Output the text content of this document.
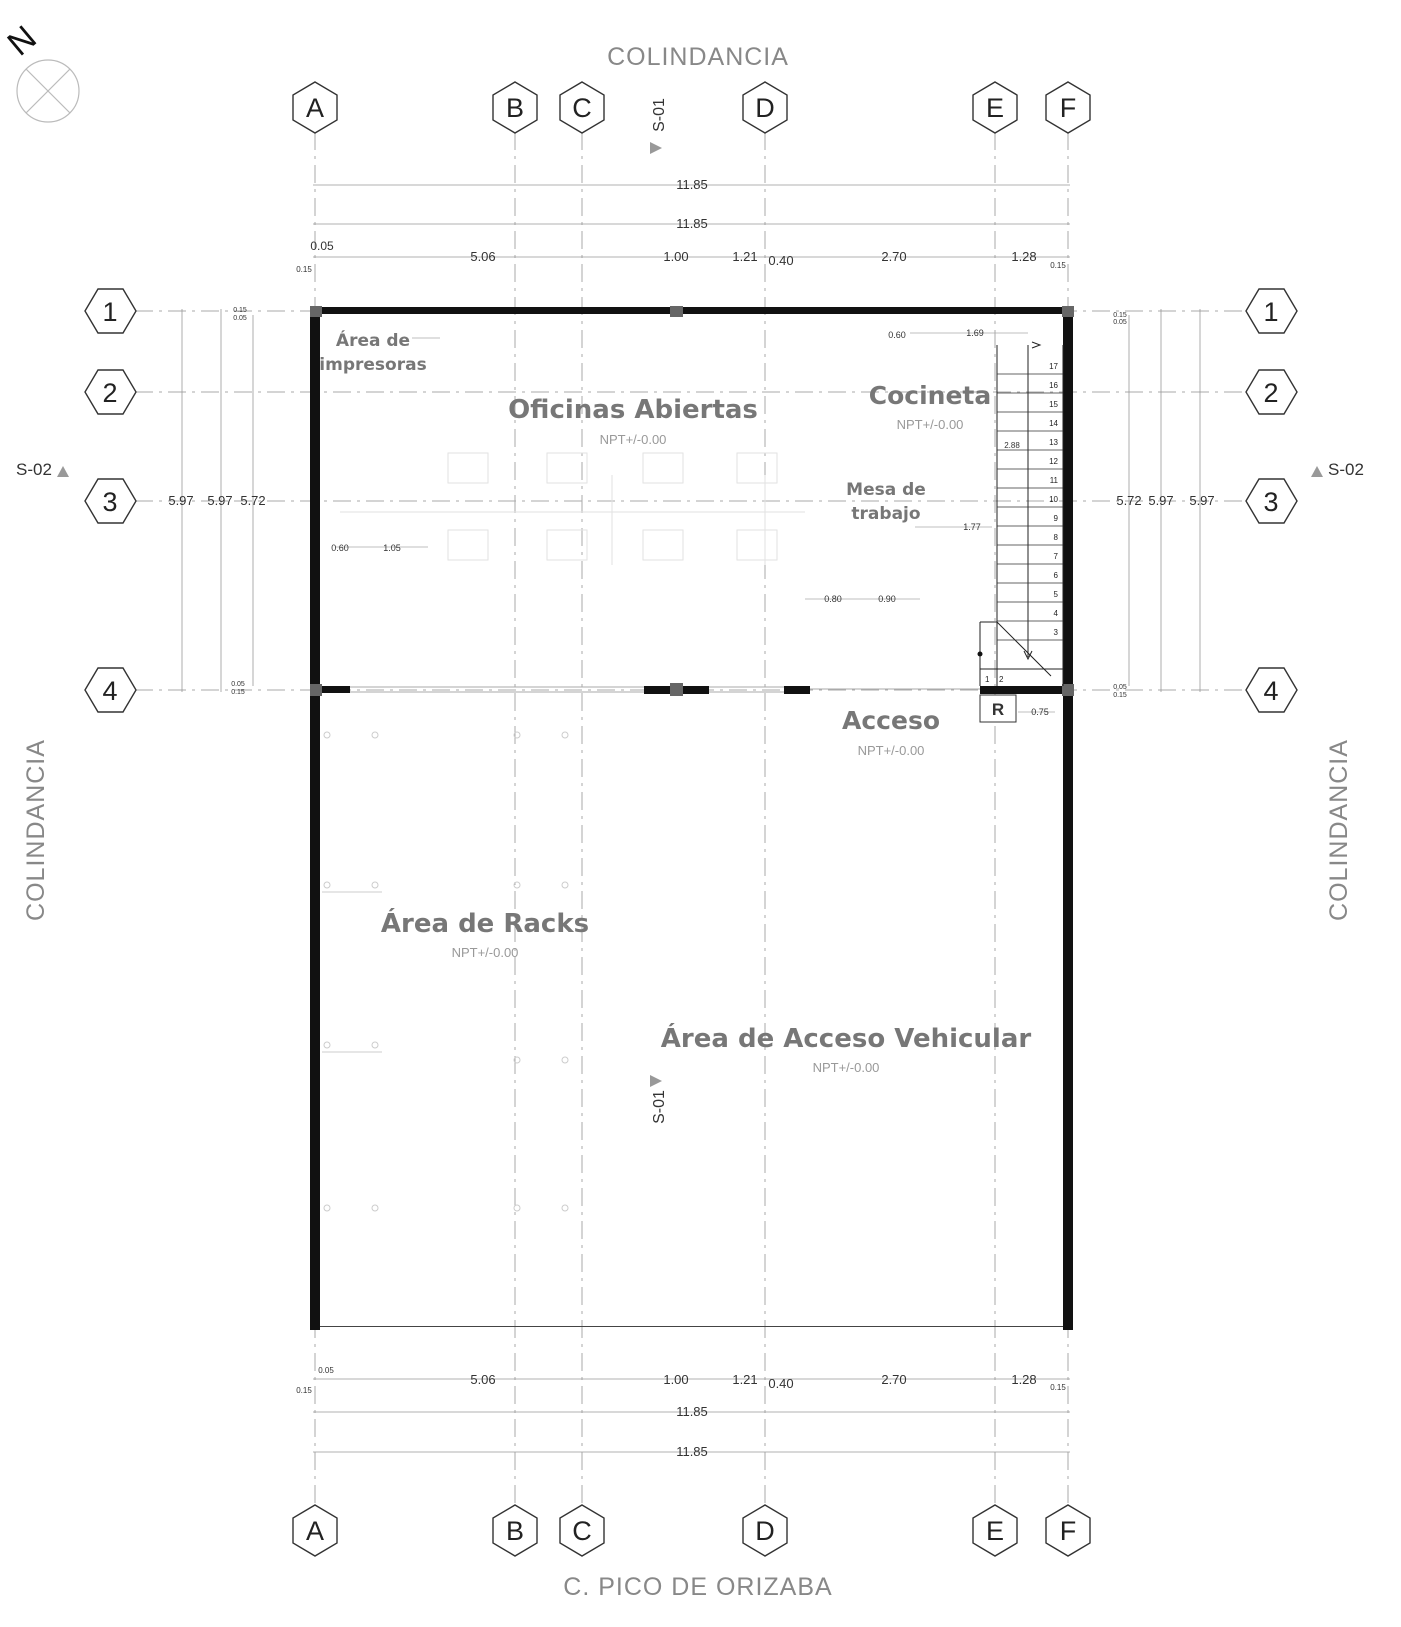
N	COLINDANCIA
C. PICO DE ORIZABA
COLINDANCIA	COLINDANCIA
A	B C	D	E F
A	B C	D	E F
1
2
3
4
1
2
3
4
S-01
S-01
S-02	S-02
11.85
11.85
0.05
0.15
5.06	1.00	1.21 0.40	2.70	1.28
0.15
0.05
0.15
5.06	1.00	1.21 0.40	2.70	1.28
0.15
11.85
11.85
5.97 5.97 5.72
0.15
0.05
0.05
0.15
5.72 5.97 5.97
0.15
0.05
0.05
0.15
1 2
3
4
5
6
7
8
9
10
11
12
13
14
15
16
17
R
Área de
impresoras
Oficinas Abiertas
NPT+/-0.00
Cocineta
NPT+/-0.00
Mesa de
trabajo
Acceso
NPT+/-0.00
Área de Racks
NPT+/-0.00
Área de Acceso Vehicular
NPT+/-0.00
0.60	1.69
2.88
1.77
0.60	1.05
0.80	0.90
0.75
